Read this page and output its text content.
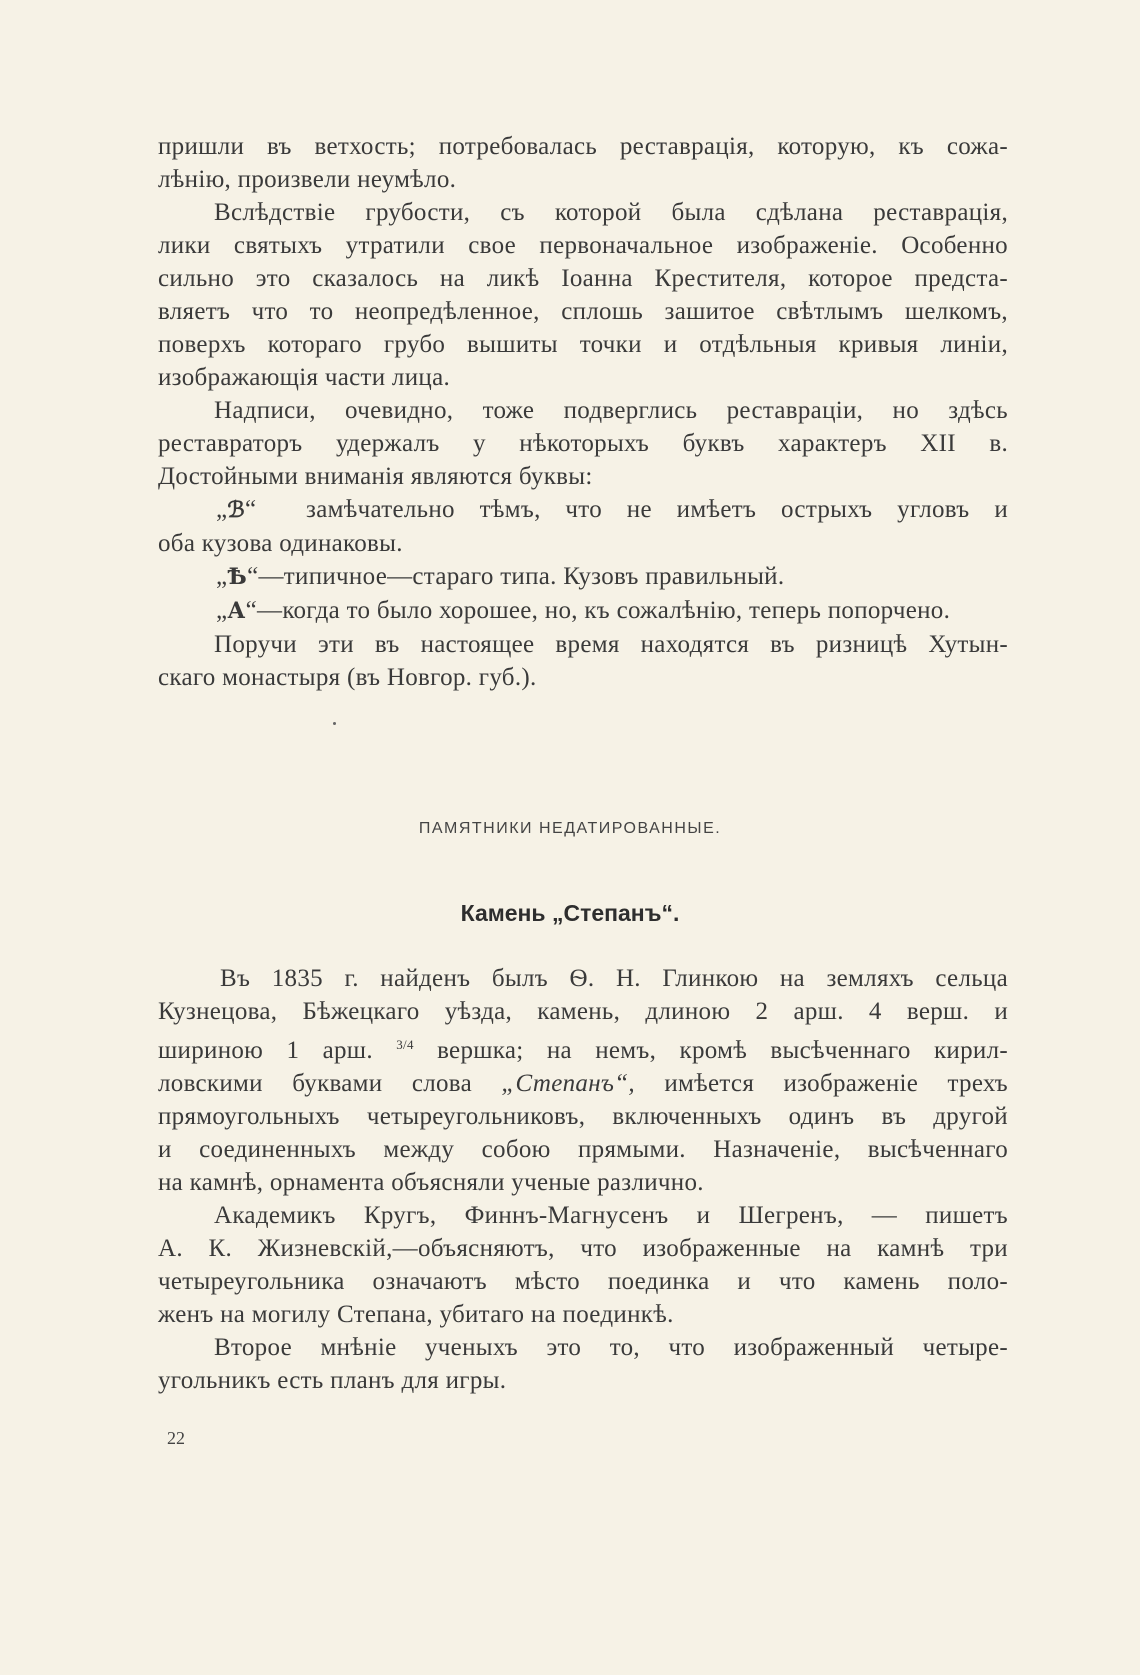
пришли въ ветхость; потребовалась реставрація, которую, къ сожа-
лѣнію, произвели неумѣло.

Вслѣдствіе грубости, съ которой была сдѣлана реставрація,
лики святыхъ утратили свое первоначальное изображеніе. Особенно
сильно это сказалось на ликѣ Іоанна Крестителя, которое предста-
вляетъ что то неопредѣленное, сплошь зашитое свѣтлымъ шелкомъ,
поверхъ котораго грубо вышиты точки и отдѣльныя кривыя линіи,
изображающія части лица.

Надписи, очевидно, тоже подверглись реставраціи, но здѣсь
реставраторъ удержалъ у нѣкоторыхъ буквъ характеръ XII в.
Достойными вниманія являются буквы:

„ℬ“ замѣчательно тѣмъ, что не имѣетъ острыхъ угловъ и
оба кузова одинаковы.

„Ѣ“—типичное—стараго типа. Кузовъ правильный.

„А“—когда то было хорошее, но, къ сожалѣнію, теперь попорчено.

Поручи эти въ настоящее время находятся въ ризницѣ Хутын-
скаго монастыря (въ Новгор. губ.).

ПАМЯТНИКИ НЕДАТИРОВАННЫЕ.
Камень „Степанъ“.

Въ 1835 г. найденъ былъ Ѳ. Н. Глинкою на земляхъ сельца
Кузнецова, Бѣжецкаго уѣзда, камень, длиною 2 арш. 4 верш. и
шириною 1 арш. $^{3/4}$ вершка; на немъ, кромѣ высѣченнаго кирил-
ловскими буквами слова „Степанъ“, имѣется изображеніе трехъ
прямоугольныхъ четыреугольниковъ, включенныхъ одинъ въ другой
и соединенныхъ между собою прямыми. Назначеніе, высѣченнаго
на камнѣ, орнамента объясняли ученые различно.

Академикъ Кругъ, Финнъ-Магнусенъ и Шегренъ, — пишетъ
А. К. Жизневскій,—объясняютъ, что изображенные на камнѣ три
четыреугольника означаютъ мѣсто поединка и что камень поло-
женъ на могилу Степана, убитаго на поединкѣ.

Второе мнѣніе ученыхъ это то, что изображенный четыре-
угольникъ есть планъ для игры.

22
